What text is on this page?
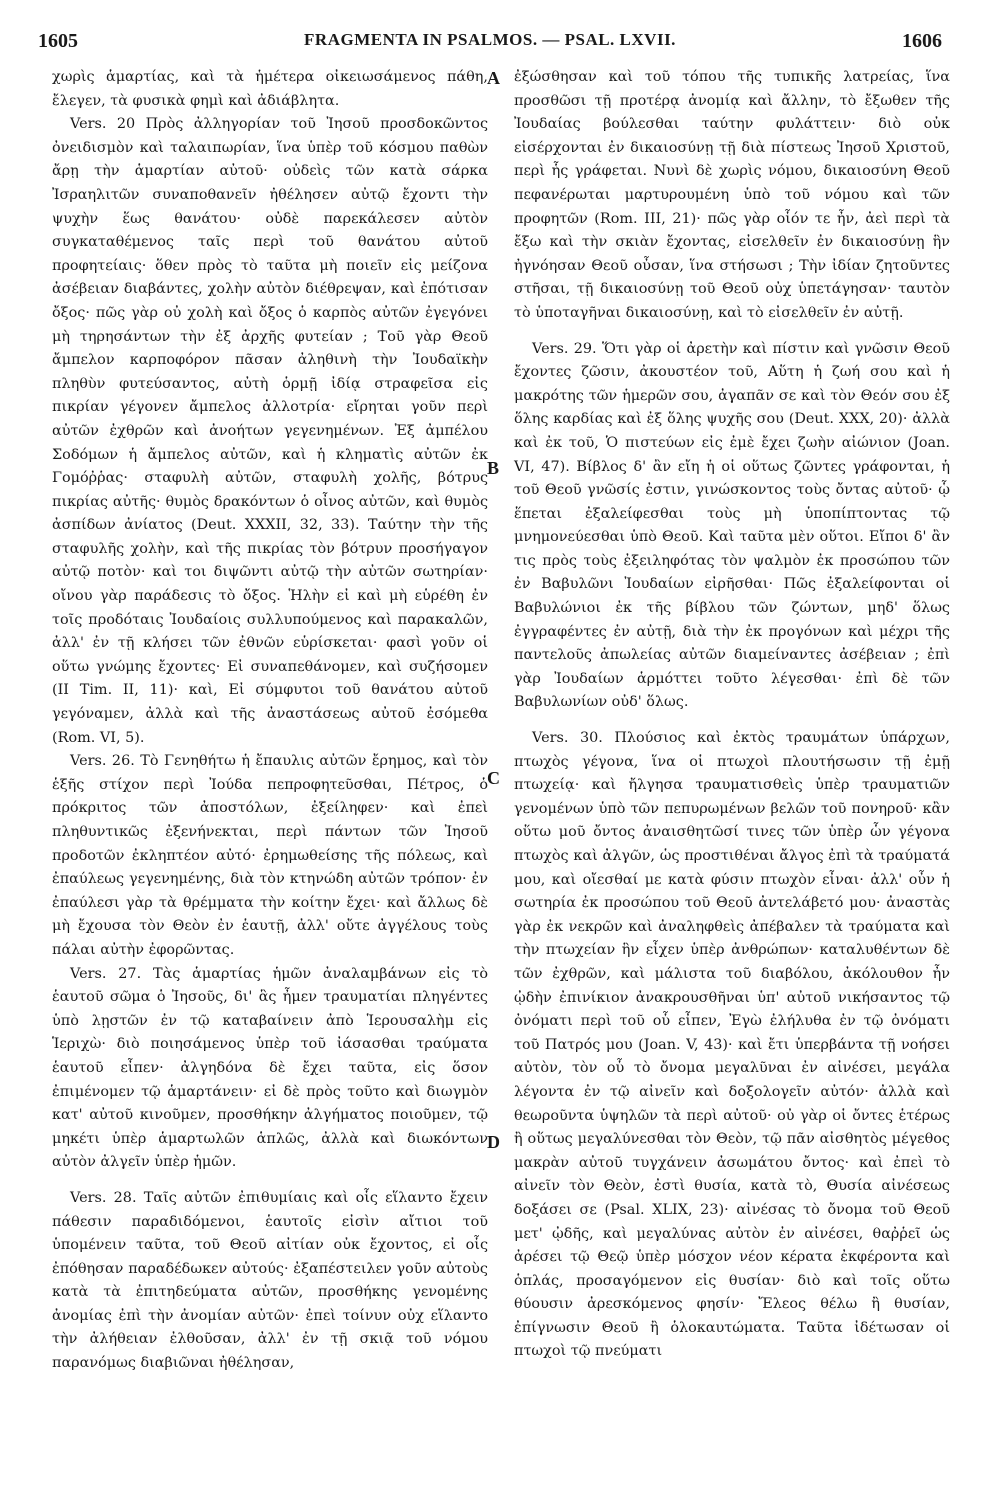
1605	FRAGMENTA IN PSALMOS. — PSAL. LXVII.	1606
A
B
C
D

χωρὶς ἁμαρτίας, καὶ τὰ ἡμέτερα οἰκειωσάμενος πάθη, ἔλεγεν, τὰ φυσικὰ φημὶ καὶ ἀδιάβλητα.

Vers. 20 Πρὸς ἀλληγορίαν τοῦ Ἰησοῦ προσδοκῶντος ὀνειδισμὸν καὶ ταλαιπωρίαν, ἵνα ὑπὲρ τοῦ κόσμου παθὼν ἄρῃ τὴν ἁμαρτίαν αὐτοῦ· οὐδεὶς τῶν κατὰ σάρκα Ἰσραηλιτῶν συναποθανεῖν ἠθέλησεν αὐτῷ ἔχοντι τὴν ψυχὴν ἕως θανάτου· οὐδὲ παρεκάλεσεν αὐτὸν συγκαταθέμενος ταῖς περὶ τοῦ θανάτου αὐτοῦ προφητείαις· ὅθεν πρὸς τὸ ταῦτα μὴ ποιεῖν εἰς μείζονα ἀσέβειαν διαβάντες, χολὴν αὐτὸν διέθρεψαν, καὶ ἐπότισαν ὄξος· πῶς γὰρ οὐ χολὴ καὶ ὄξος ὁ καρπὸς αὐτῶν ἐγεγόνει μὴ τηρησάντων τὴν ἐξ ἀρχῆς φυτείαν ; Τοῦ γὰρ Θεοῦ ἄμπελον καρποφόρον πᾶσαν ἀληθινὴ τὴν Ἰουδαϊκὴν πληθὺν φυτεύσαντος, αὐτὴ ὁρμῇ ἰδίᾳ στραφεῖσα εἰς πικρίαν γέγονεν ἄμπελος ἀλλοτρία· εἴρηται γοῦν περὶ αὐτῶν ἐχθρῶν καὶ ἀνοήτων γεγενημένων. Ἐξ ἀμπέλου Σοδόμων ἡ ἄμπελος αὐτῶν, καὶ ἡ κληματὶς αὐτῶν ἐκ Γομόῤῥας· σταφυλὴ αὐτῶν, σταφυλὴ χολῆς, βότρυς πικρίας αὐτῆς· θυμὸς δρακόντων ὁ οἶνος αὐτῶν, καὶ θυμὸς ἀσπίδων ἀνίατος (Deut. XXXII, 32, 33). Ταύτην τὴν τῆς σταφυλῆς χολὴν, καὶ τῆς πικρίας τὸν βότρυν προσήγαγον αὐτῷ ποτὸν· καὶ τοι διψῶντι αὐτῷ τὴν αὐτῶν σωτηρίαν· οἴνου γὰρ παράδεσις τὸ ὄξος. Ἡλὴν εἰ καὶ μὴ εὑρέθη ἐν τοῖς προδόταις Ἰουδαίοις συλλυπούμενος καὶ παρακαλῶν, ἀλλ' ἐν τῇ κλήσει τῶν ἐθνῶν εὑρίσκεται· φασὶ γοῦν οἱ οὕτω γνώμης ἔχοντες· Εἰ συναπεθάνομεν, καὶ συζήσομεν (II Tim. II, 11)· καὶ, Εἰ σύμφυτοι τοῦ θανάτου αὐτοῦ γεγόναμεν, ἀλλὰ καὶ τῆς ἀναστάσεως αὐτοῦ ἐσόμεθα (Rom. VI, 5).

Vers. 26. Τὸ Γενηθήτω ἡ ἔπαυλις αὐτῶν ἔρημος, καὶ τὸν ἑξῆς στίχον περὶ Ἰούδα πεπροφητεῦσθαι, Πέτρος, ὁ πρόκριτος τῶν ἀποστόλων, ἐξείληφεν· καὶ ἐπεὶ πληθυντικῶς ἐξενήνεκται, περὶ πάντων τῶν Ἰησοῦ προδοτῶν ἐκληπτέον αὐτό· ἐρημωθείσης τῆς πόλεως, καὶ ἐπαύλεως γεγενημένης, διὰ τὸν κτηνώδη αὐτῶν τρόπον· ἐν ἐπαύλεσι γὰρ τὰ θρέμματα τὴν κοίτην ἔχει· καὶ ἄλλως δὲ μὴ ἔχουσα τὸν Θεὸν ἐν ἑαυτῇ, ἀλλ' οὔτε ἀγγέλους τοὺς πάλαι αὐτὴν ἐφορῶντας.

Vers. 27. Τὰς ἁμαρτίας ἡμῶν ἀναλαμβάνων εἰς τὸ ἑαυτοῦ σῶμα ὁ Ἰησοῦς, δι' ἃς ἦμεν τραυματίαι πληγέντες ὑπὸ λῃστῶν ἐν τῷ καταβαίνειν ἀπὸ Ἱερουσαλὴμ εἰς Ἱεριχὼ· διὸ ποιησάμενος ὑπὲρ τοῦ ἰάσασθαι τραύματα ἑαυτοῦ εἶπεν· ἀλγηδόνα δὲ ἔχει ταῦτα, εἰς ὅσον ἐπιμένομεν τῷ ἁμαρτάνειν· εἰ δὲ πρὸς τοῦτο καὶ διωγμὸν κατ' αὐτοῦ κινοῦμεν, προσθήκην ἀλγήματος ποιοῦμεν, τῷ μηκέτι ὑπὲρ ἁμαρτωλῶν ἁπλῶς, ἀλλὰ καὶ διωκόντων αὐτὸν ἀλγεῖν ὑπὲρ ἡμῶν.

Vers. 28. Ταῖς αὐτῶν ἐπιθυμίαις καὶ οἷς εἵλαντο ἔχειν πάθεσιν παραδιδόμενοι, ἑαυτοῖς εἰσὶν αἴτιοι τοῦ ὑπομένειν ταῦτα, τοῦ Θεοῦ αἰτίαν οὐκ ἔχοντος, εἰ οἷς ἐπόθησαν παραδέδωκεν αὐτούς· ἐξαπέστειλεν γοῦν αὐτοὺς κατὰ τὰ ἐπιτηδεύματα αὐτῶν, προσθήκης γενομένης ἀνομίας ἐπὶ τὴν ἀνομίαν αὐτῶν· ἐπεὶ τοίνυν οὐχ εἵλαντο τὴν ἀλήθειαν ἐλθοῦσαν, ἀλλ' ἐν τῇ σκιᾷ τοῦ νόμου παρανόμως διαβιῶναι ἠθέλησαν,

ἐξώσθησαν καὶ τοῦ τόπου τῆς τυπικῆς λατρείας, ἵνα προσθῶσι τῇ προτέρᾳ ἀνομίᾳ καὶ ἄλλην, τὸ ἔξωθεν τῆς Ἰουδαίας βούλεσθαι ταύτην φυλάττειν· διὸ οὐκ εἰσέρχονται ἐν δικαιοσύνῃ τῇ διὰ πίστεως Ἰησοῦ Χριστοῦ, περὶ ἧς γράφεται. Νυνὶ δὲ χωρὶς νόμου, δικαιοσύνη Θεοῦ πεφανέρωται μαρτυρουμένη ὑπὸ τοῦ νόμου καὶ τῶν προφητῶν (Rom. III, 21)· πῶς γὰρ οἷόν τε ἦν, ἀεὶ περὶ τὰ ἔξω καὶ τὴν σκιὰν ἔχοντας, εἰσελθεῖν ἐν δικαιοσύνῃ ἣν ἠγνόησαν Θεοῦ οὖσαν, ἵνα στήσωσι ; Τὴν ἰδίαν ζητοῦντες στῆσαι, τῇ δικαιοσύνῃ τοῦ Θεοῦ οὐχ ὑπετάγησαν· ταυτὸν τὸ ὑποταγῆναι δικαιοσύνῃ, καὶ τὸ εἰσελθεῖν ἐν αὐτῇ.

Vers. 29. Ὅτι γὰρ οἱ ἀρετὴν καὶ πίστιν καὶ γνῶσιν Θεοῦ ἔχοντες ζῶσιν, ἀκουστέον τοῦ, Αὕτη ἡ ζωή σου καὶ ἡ μακρότης τῶν ἡμερῶν σου, ἀγαπᾶν σε καὶ τὸν Θεόν σου ἐξ ὅλης καρδίας καὶ ἐξ ὅλης ψυχῆς σου (Deut. XXX, 20)· ἀλλὰ καὶ ἐκ τοῦ, Ὁ πιστεύων εἰς ἐμὲ ἔχει ζωὴν αἰώνιον (Joan. VI, 47). Βίβλος δ' ἂν εἴη ἡ οἱ οὕτως ζῶντες γράφονται, ἡ τοῦ Θεοῦ γνῶσίς ἐστιν, γινώσκοντος τοὺς ὄντας αὐτοῦ· ᾧ ἕπεται ἐξαλείφεσθαι τοὺς μὴ ὑποπίπτοντας τῷ μνημονεύεσθαι ὑπὸ Θεοῦ. Καὶ ταῦτα μὲν οὕτοι. Εἴποι δ' ἂν τις πρὸς τοὺς ἐξειληφότας τὸν ψαλμὸν ἐκ προσώπου τῶν ἐν Βαβυλῶνι Ἰουδαίων εἰρῆσθαι· Πῶς ἐξαλείφονται οἱ Βαβυλώνιοι ἐκ τῆς βίβλου τῶν ζώντων, μηδ' ὅλως ἐγγραφέντες ἐν αὐτῇ, διὰ τὴν ἐκ προγόνων καὶ μέχρι τῆς παντελοῦς ἀπωλείας αὐτῶν διαμείναντες ἀσέβειαν ; ἐπὶ γὰρ Ἰουδαίων ἁρμόττει τοῦτο λέγεσθαι· ἐπὶ δὲ τῶν Βαβυλωνίων οὐδ' ὅλως.

Vers. 30. Πλούσιος καὶ ἐκτὸς τραυμάτων ὑπάρχων, πτωχὸς γέγονα, ἵνα οἱ πτωχοὶ πλουτήσωσιν τῇ ἐμῇ πτωχείᾳ· καὶ ἤλγησα τραυματισθεὶς ὑπὲρ τραυματιῶν γενομένων ὑπὸ τῶν πεπυρωμένων βελῶν τοῦ πονηροῦ· κἂν οὕτω μοῦ ὄντος ἀναισθητῶσί τινες τῶν ὑπὲρ ὧν γέγονα πτωχὸς καὶ ἀλγῶν, ὡς προστιθέναι ἄλγος ἐπὶ τὰ τραύματά μου, καὶ οἴεσθαί με κατὰ φύσιν πτωχὸν εἶναι· ἀλλ' οὖν ἡ σωτηρία ἐκ προσώπου τοῦ Θεοῦ ἀντελάβετό μου· ἀναστὰς γὰρ ἐκ νεκρῶν καὶ ἀναληφθεὶς ἀπέβαλεν τὰ τραύματα καὶ τὴν πτωχείαν ἣν εἶχεν ὑπὲρ ἀνθρώπων· καταλυθέντων δὲ τῶν ἐχθρῶν, καὶ μάλιστα τοῦ διαβόλου, ἀκόλουθον ἦν ᾠδὴν ἐπινίκιον ἀνακρουσθῆναι ὑπ' αὐτοῦ νικήσαντος τῷ ὀνόματι περὶ τοῦ οὗ εἶπεν, Ἐγὼ ἐλήλυθα ἐν τῷ ὀνόματι τοῦ Πατρός μου (Joan. V, 43)· καὶ ἔτι ὑπερβάντα τῇ νοήσει αὐτὸν, τὸν οὗ τὸ ὄνομα μεγαλῦναι ἐν αἰνέσει, μεγάλα λέγοντα ἐν τῷ αἰνεῖν καὶ δοξολογεῖν αὐτόν· ἀλλὰ καὶ θεωροῦντα ὑψηλῶν τὰ περὶ αὐτοῦ· οὐ γὰρ οἱ ὄντες ἑτέρως ἢ οὕτως μεγαλύνεσθαι τὸν Θεὸν, τῷ πᾶν αἰσθητὸς μέγεθος μακρὰν αὐτοῦ τυγχάνειν ἀσωμάτου ὄντος· καὶ ἐπεὶ τὸ αἰνεῖν τὸν Θεὸν, ἐστὶ θυσία, κατὰ τὸ, Θυσία αἰνέσεως δοξάσει σε (Psal. XLIX, 23)· αἰνέσας τὸ ὄνομα τοῦ Θεοῦ μετ' ᾠδῆς, καὶ μεγαλύνας αὐτὸν ἐν αἰνέσει, θαῤῥεῖ ὡς ἀρέσει τῷ Θεῷ ὑπὲρ μόσχον νέον κέρατα ἐκφέροντα καὶ ὁπλάς, προσαγόμενον εἰς θυσίαν· διὸ καὶ τοῖς οὕτω θύουσιν ἀρεσκόμενος φησίν· Ἔλεος θέλω ἢ θυσίαν, ἐπίγνωσιν Θεοῦ ἢ ὁλοκαυτώματα. Ταῦτα ἰδέτωσαν οἱ πτωχοὶ τῷ πνεύματι
